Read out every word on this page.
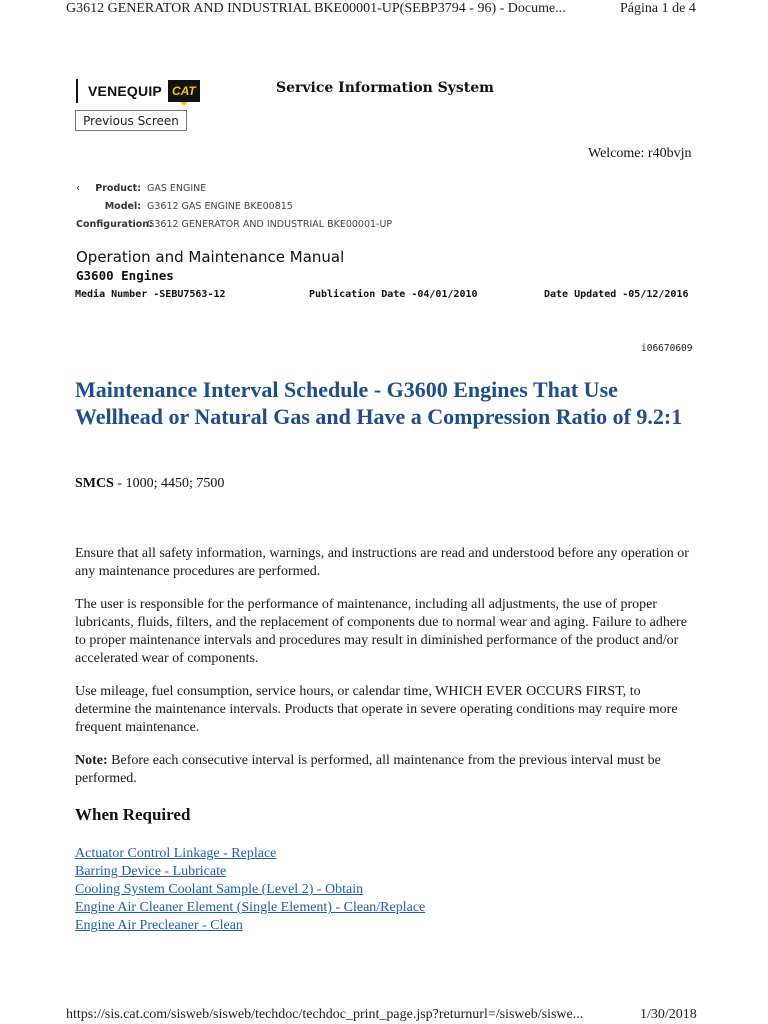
G3612 GENERATOR AND INDUSTRIAL BKE00001-UP(SEBP3794 - 96) - Docume...	Página 1 de 4
VENEQUIP CAT	Service Information System
Previous Screen
Welcome: r40bvjn
‹ Product: GAS ENGINE
Model: G3612 GAS ENGINE BKE00815
Configuration:G3612 GENERATOR AND INDUSTRIAL BKE00001-UP
Operation and Maintenance Manual
G3600 Engines
Media Number -SEBU7563-12	Publication Date -04/01/2010	Date Updated -05/12/2016
i06670609
Maintenance Interval Schedule - G3600 Engines That Use Wellhead or Natural Gas and Have a Compression Ratio of 9.2:1
SMCS - 1000; 4450; 7500
Ensure that all safety information, warnings, and instructions are read and understood before any operation or any maintenance procedures are performed.
The user is responsible for the performance of maintenance, including all adjustments, the use of proper lubricants, fluids, filters, and the replacement of components due to normal wear and aging. Failure to adhere to proper maintenance intervals and procedures may result in diminished performance of the product and/or accelerated wear of components.
Use mileage, fuel consumption, service hours, or calendar time, WHICH EVER OCCURS FIRST, to determine the maintenance intervals. Products that operate in severe operating conditions may require more frequent maintenance.
Note: Before each consecutive interval is performed, all maintenance from the previous interval must be performed.
When Required
Actuator Control Linkage - Replace
Barring Device - Lubricate
Cooling System Coolant Sample (Level 2) - Obtain
Engine Air Cleaner Element (Single Element) - Clean/Replace
Engine Air Precleaner - Clean
https://sis.cat.com/sisweb/sisweb/techdoc/techdoc_print_page.jsp?returnurl=/sisweb/siswe...	1/30/2018
